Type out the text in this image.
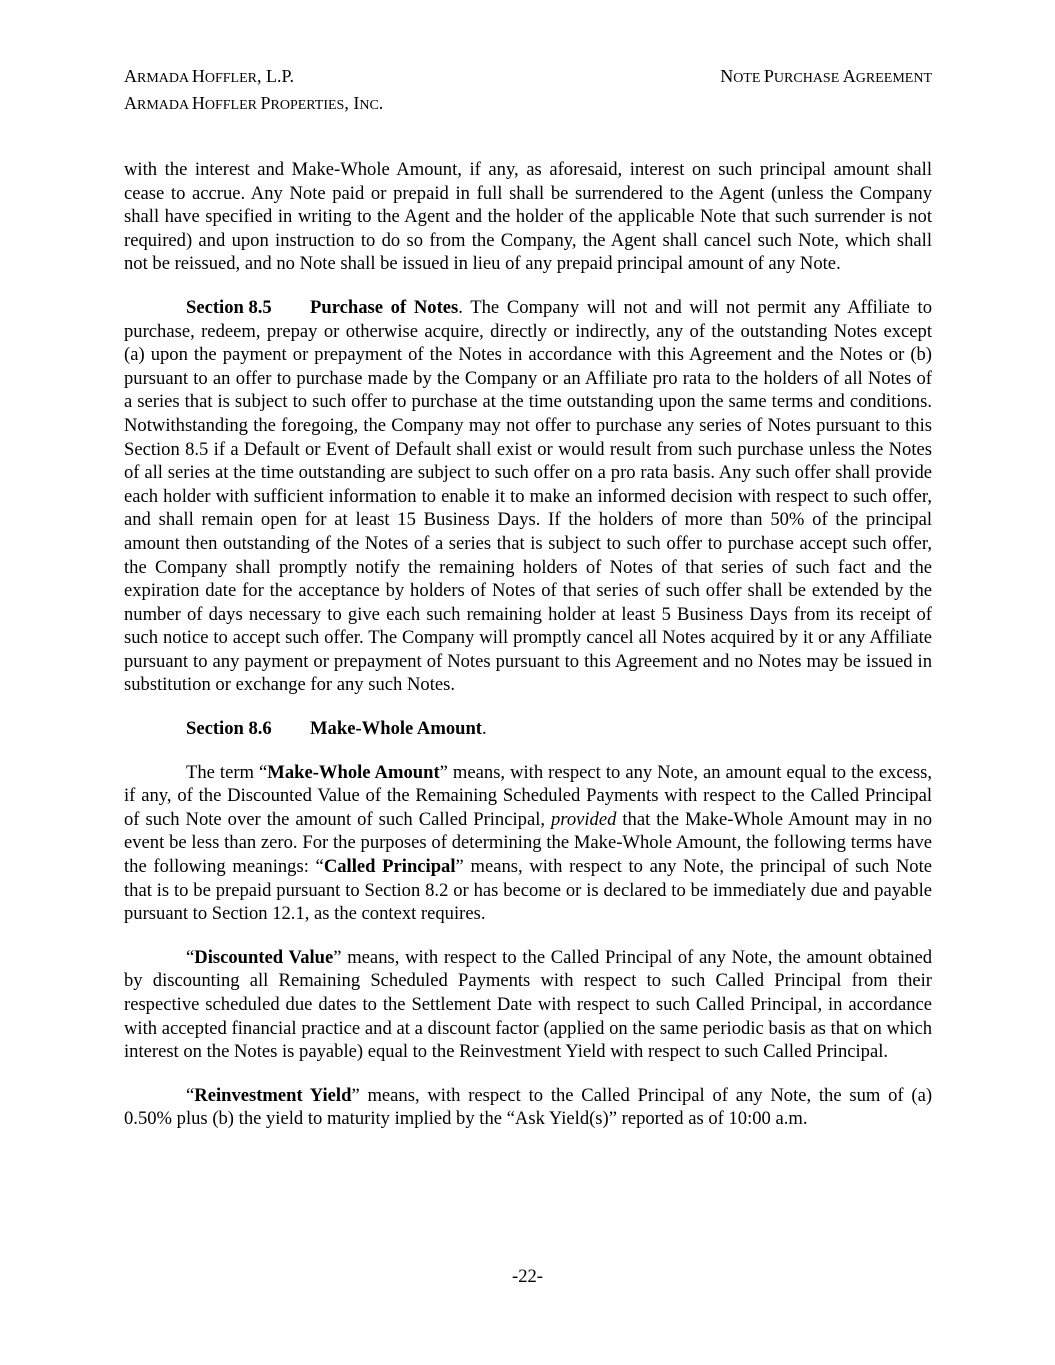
ARMADA HOFFLER, L.P.
ARMADA HOFFLER PROPERTIES, INC.
NOTE PURCHASE AGREEMENT

with the interest and Make-Whole Amount, if any, as aforesaid, interest on such principal amount shall cease to accrue. Any Note paid or prepaid in full shall be surrendered to the Agent (unless the Company shall have specified in writing to the Agent and the holder of the applicable Note that such surrender is not required) and upon instruction to do so from the Company, the Agent shall cancel such Note, which shall not be reissued, and no Note shall be issued in lieu of any prepaid principal amount of any Note.

Section 8.5 Purchase of Notes. The Company will not and will not permit any Affiliate to purchase, redeem, prepay or otherwise acquire, directly or indirectly, any of the outstanding Notes except (a) upon the payment or prepayment of the Notes in accordance with this Agreement and the Notes or (b) pursuant to an offer to purchase made by the Company or an Affiliate pro rata to the holders of all Notes of a series that is subject to such offer to purchase at the time outstanding upon the same terms and conditions. Notwithstanding the foregoing, the Company may not offer to purchase any series of Notes pursuant to this Section 8.5 if a Default or Event of Default shall exist or would result from such purchase unless the Notes of all series at the time outstanding are subject to such offer on a pro rata basis. Any such offer shall provide each holder with sufficient information to enable it to make an informed decision with respect to such offer, and shall remain open for at least 15 Business Days. If the holders of more than 50% of the principal amount then outstanding of the Notes of a series that is subject to such offer to purchase accept such offer, the Company shall promptly notify the remaining holders of Notes of that series of such fact and the expiration date for the acceptance by holders of Notes of that series of such offer shall be extended by the number of days necessary to give each such remaining holder at least 5 Business Days from its receipt of such notice to accept such offer. The Company will promptly cancel all Notes acquired by it or any Affiliate pursuant to any payment or prepayment of Notes pursuant to this Agreement and no Notes may be issued in substitution or exchange for any such Notes.

Section 8.6 Make-Whole Amount.

The term “Make-Whole Amount” means, with respect to any Note, an amount equal to the excess, if any, of the Discounted Value of the Remaining Scheduled Payments with respect to the Called Principal of such Note over the amount of such Called Principal, provided that the Make-Whole Amount may in no event be less than zero. For the purposes of determining the Make-Whole Amount, the following terms have the following meanings: “Called Principal” means, with respect to any Note, the principal of such Note that is to be prepaid pursuant to Section 8.2 or has become or is declared to be immediately due and payable pursuant to Section 12.1, as the context requires.

“Discounted Value” means, with respect to the Called Principal of any Note, the amount obtained by discounting all Remaining Scheduled Payments with respect to such Called Principal from their respective scheduled due dates to the Settlement Date with respect to such Called Principal, in accordance with accepted financial practice and at a discount factor (applied on the same periodic basis as that on which interest on the Notes is payable) equal to the Reinvestment Yield with respect to such Called Principal.

“Reinvestment Yield” means, with respect to the Called Principal of any Note, the sum of (a) 0.50% plus (b) the yield to maturity implied by the “Ask Yield(s)” reported as of 10:00 a.m.

-22-
